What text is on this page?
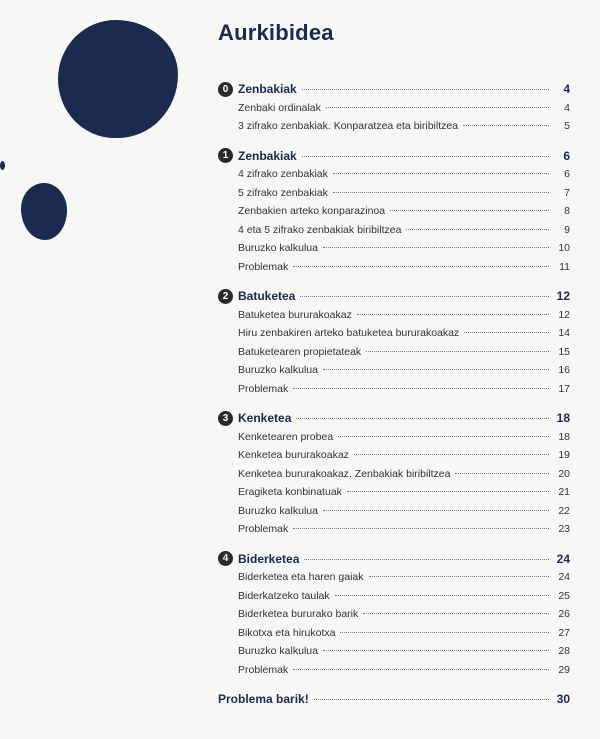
Aurkibidea
0 Zenbakiak	4
Zenbaki ordinalak	4
3 zifrako zenbakiak. Konparatzea eta biribiltzea	5
1 Zenbakiak	6
4 zifrako zenbakiak	6
5 zifrako zenbakiak	7
Zenbakien arteko konparazinoa	8
4 eta 5 zifrako zenbakiak biribiltzea	9
Buruzko kalkulua	10
Problemak	11
2 Batuketea	12
Batuketea bururakoakaz	12
Hiru zenbakiren arteko batuketea bururakoakaz	14
Batuketearen propietateak	15
Buruzko kalkulua	16
Problemak	17
3 Kenketea	18
Kenketearen probea	18
Kenketea bururakoakaz	19
Kenketea bururakoakaz. Zenbakiak biribiltzea	20
Eragiketa konbinatuak	21
Buruzko kalkulua	22
Problemak	23
4 Biderketea	24
Biderketea eta haren gaiak	24
Biderkatzeko taulak	25
Biderketea bururako barik	26
Bikotxa eta hirukotxa	27
Buruzko kalkulua	28
Problemak	29
Problema barik!	30
